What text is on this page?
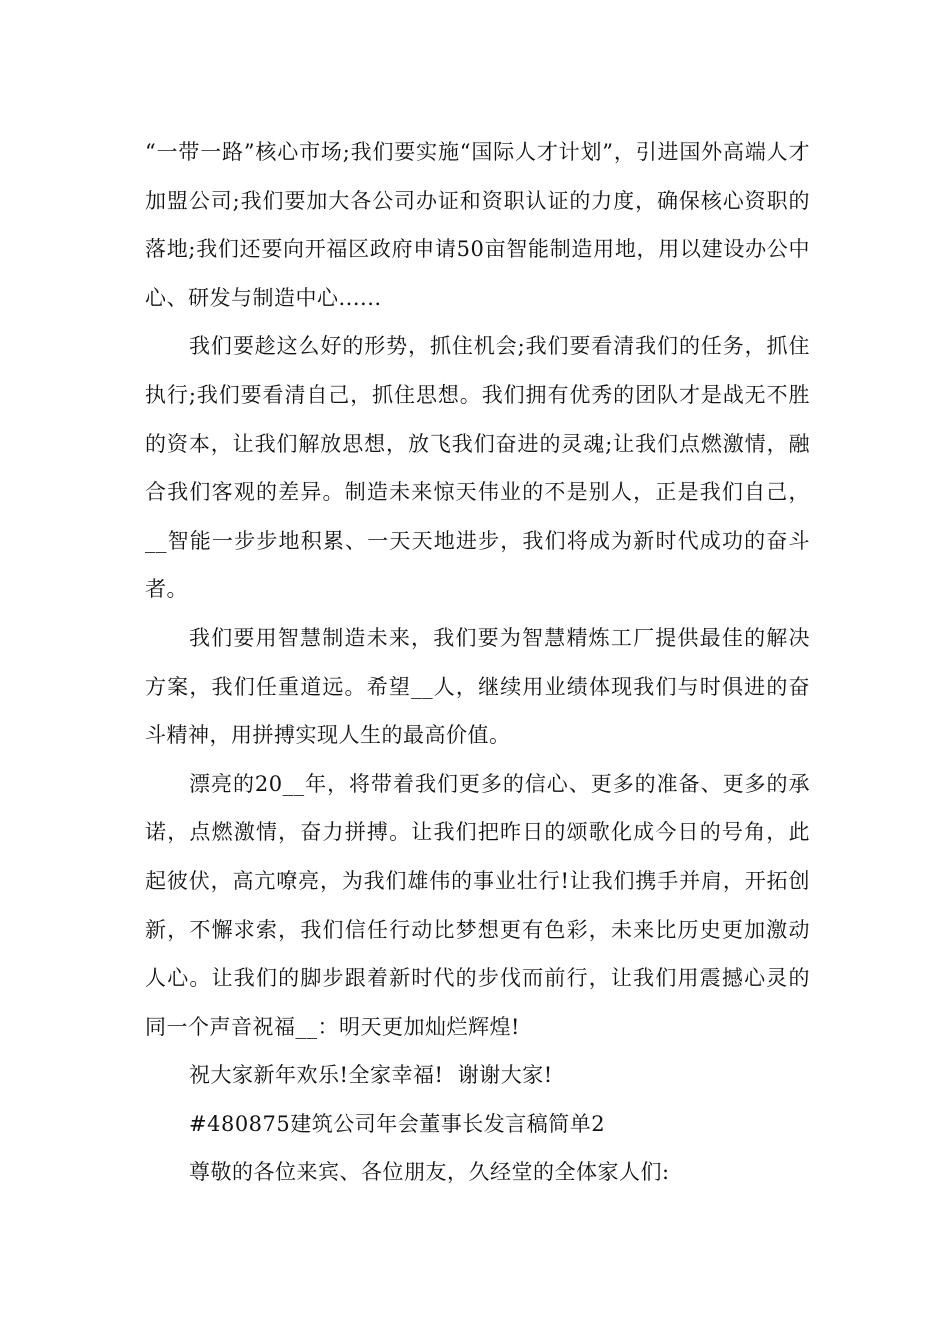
“一带一路”核心市场;我们要实施“国际人才计划”，引进国外高端人才加盟公司;我们要加大各公司办证和资职认证的力度，确保核心资职的落地;我们还要向开福区政府申请50亩智能制造用地，用以建设办公中心、研发与制造中心......

我们要趁这么好的形势，抓住机会;我们要看清我们的任务，抓住执行;我们要看清自己，抓住思想。我们拥有优秀的团队才是战无不胜的资本，让我们解放思想，放飞我们奋进的灵魂;让我们点燃激情，融合我们客观的差异。制造未来惊天伟业的不是别人，正是我们自己，__智能一步步地积累、一天天地进步，我们将成为新时代成功的奋斗者。

我们要用智慧制造未来，我们要为智慧精炼工厂提供最佳的解决方案，我们任重道远。希望__人，继续用业绩体现我们与时俱进的奋斗精神，用拼搏实现人生的最高价值。

漂亮的20__年，将带着我们更多的信心、更多的准备、更多的承诺，点燃激情，奋力拼搏。让我们把昨日的颂歌化成今日的号角，此起彼伏，高亢嘹亮，为我们雄伟的事业壮行!让我们携手并肩，开拓创新，不懈求索，我们信任行动比梦想更有色彩，未来比历史更加激动人心。让我们的脚步跟着新时代的步伐而前行，让我们用震撼心灵的同一个声音祝福__：明天更加灿烂辉煌!

祝大家新年欢乐!全家幸福!  谢谢大家!

#480875建筑公司年会董事长发言稿简单2

尊敬的各位来宾、各位朋友，久经堂的全体家人们:
